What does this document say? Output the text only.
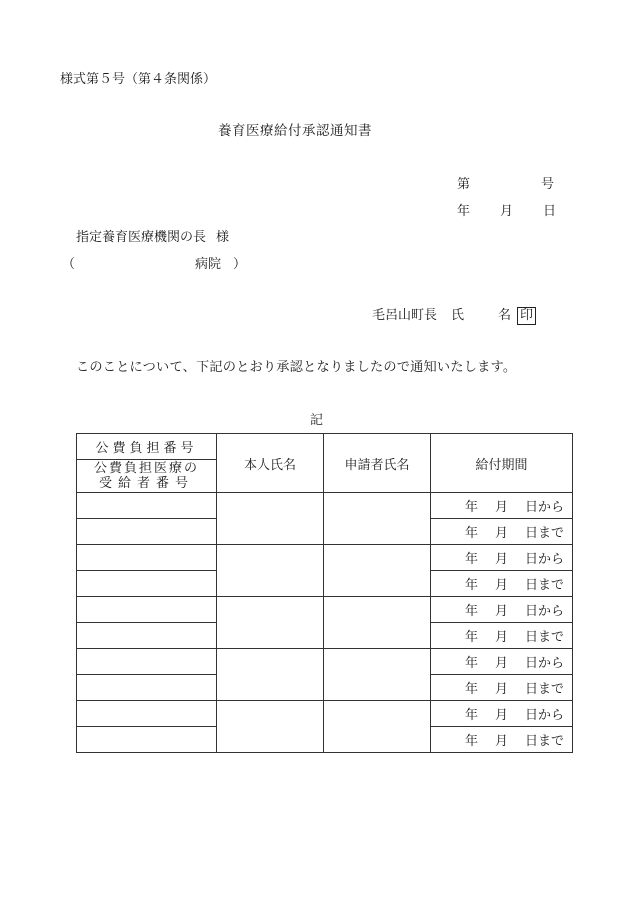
様式第５号（第４条関係）
養育医療給付承認通知書
第	号
年 月 日
指定養育医療機関の長 様
（	病院 ）
毛呂山町長 氏	名 印
このことについて、下記のとおり承認となりましたので通知いたします。
記
公費負担番号	本人氏名	申請者氏名	給付期間

公費負担医療の
受給者番号			

			年 月 日から
			年 月 日まで
			年 月 日から
			年 月 日まで
			年 月 日から
			年 月 日まで
			年 月 日から
			年 月 日まで
			年 月 日から
			年 月 日まで
